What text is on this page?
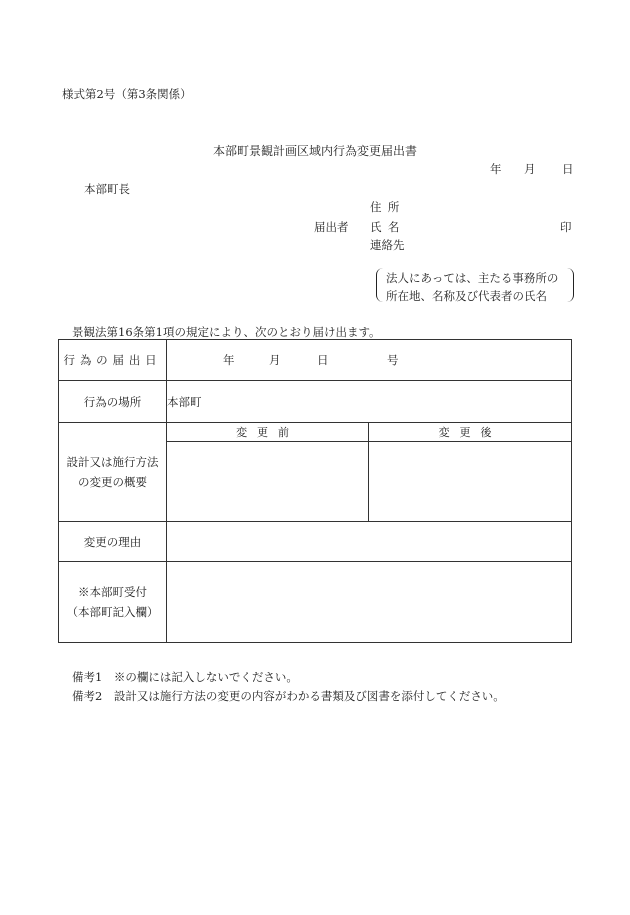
様式第2号（第3条関係）
本部町景観計画区域内行為変更届出書
年 月 日
本部町長
届出者
住所
氏名
連絡先
印
法人にあっては、主たる事務所の
所在地、名称及び代表者の氏名
景観法第16条第1項の規定により、次のとおり届け出ます。
行為の届出日	年 月 日 号	

行為の場所	本部町	

設計又は施行方法
の変更の概要	変更前	変更後

変更の理由		

※本部町受付
（本部町記入欄）		

備考1　※の欄には記入しないでください。
備考2　設計又は施行方法の変更の内容がわかる書類及び図書を添付してください。
